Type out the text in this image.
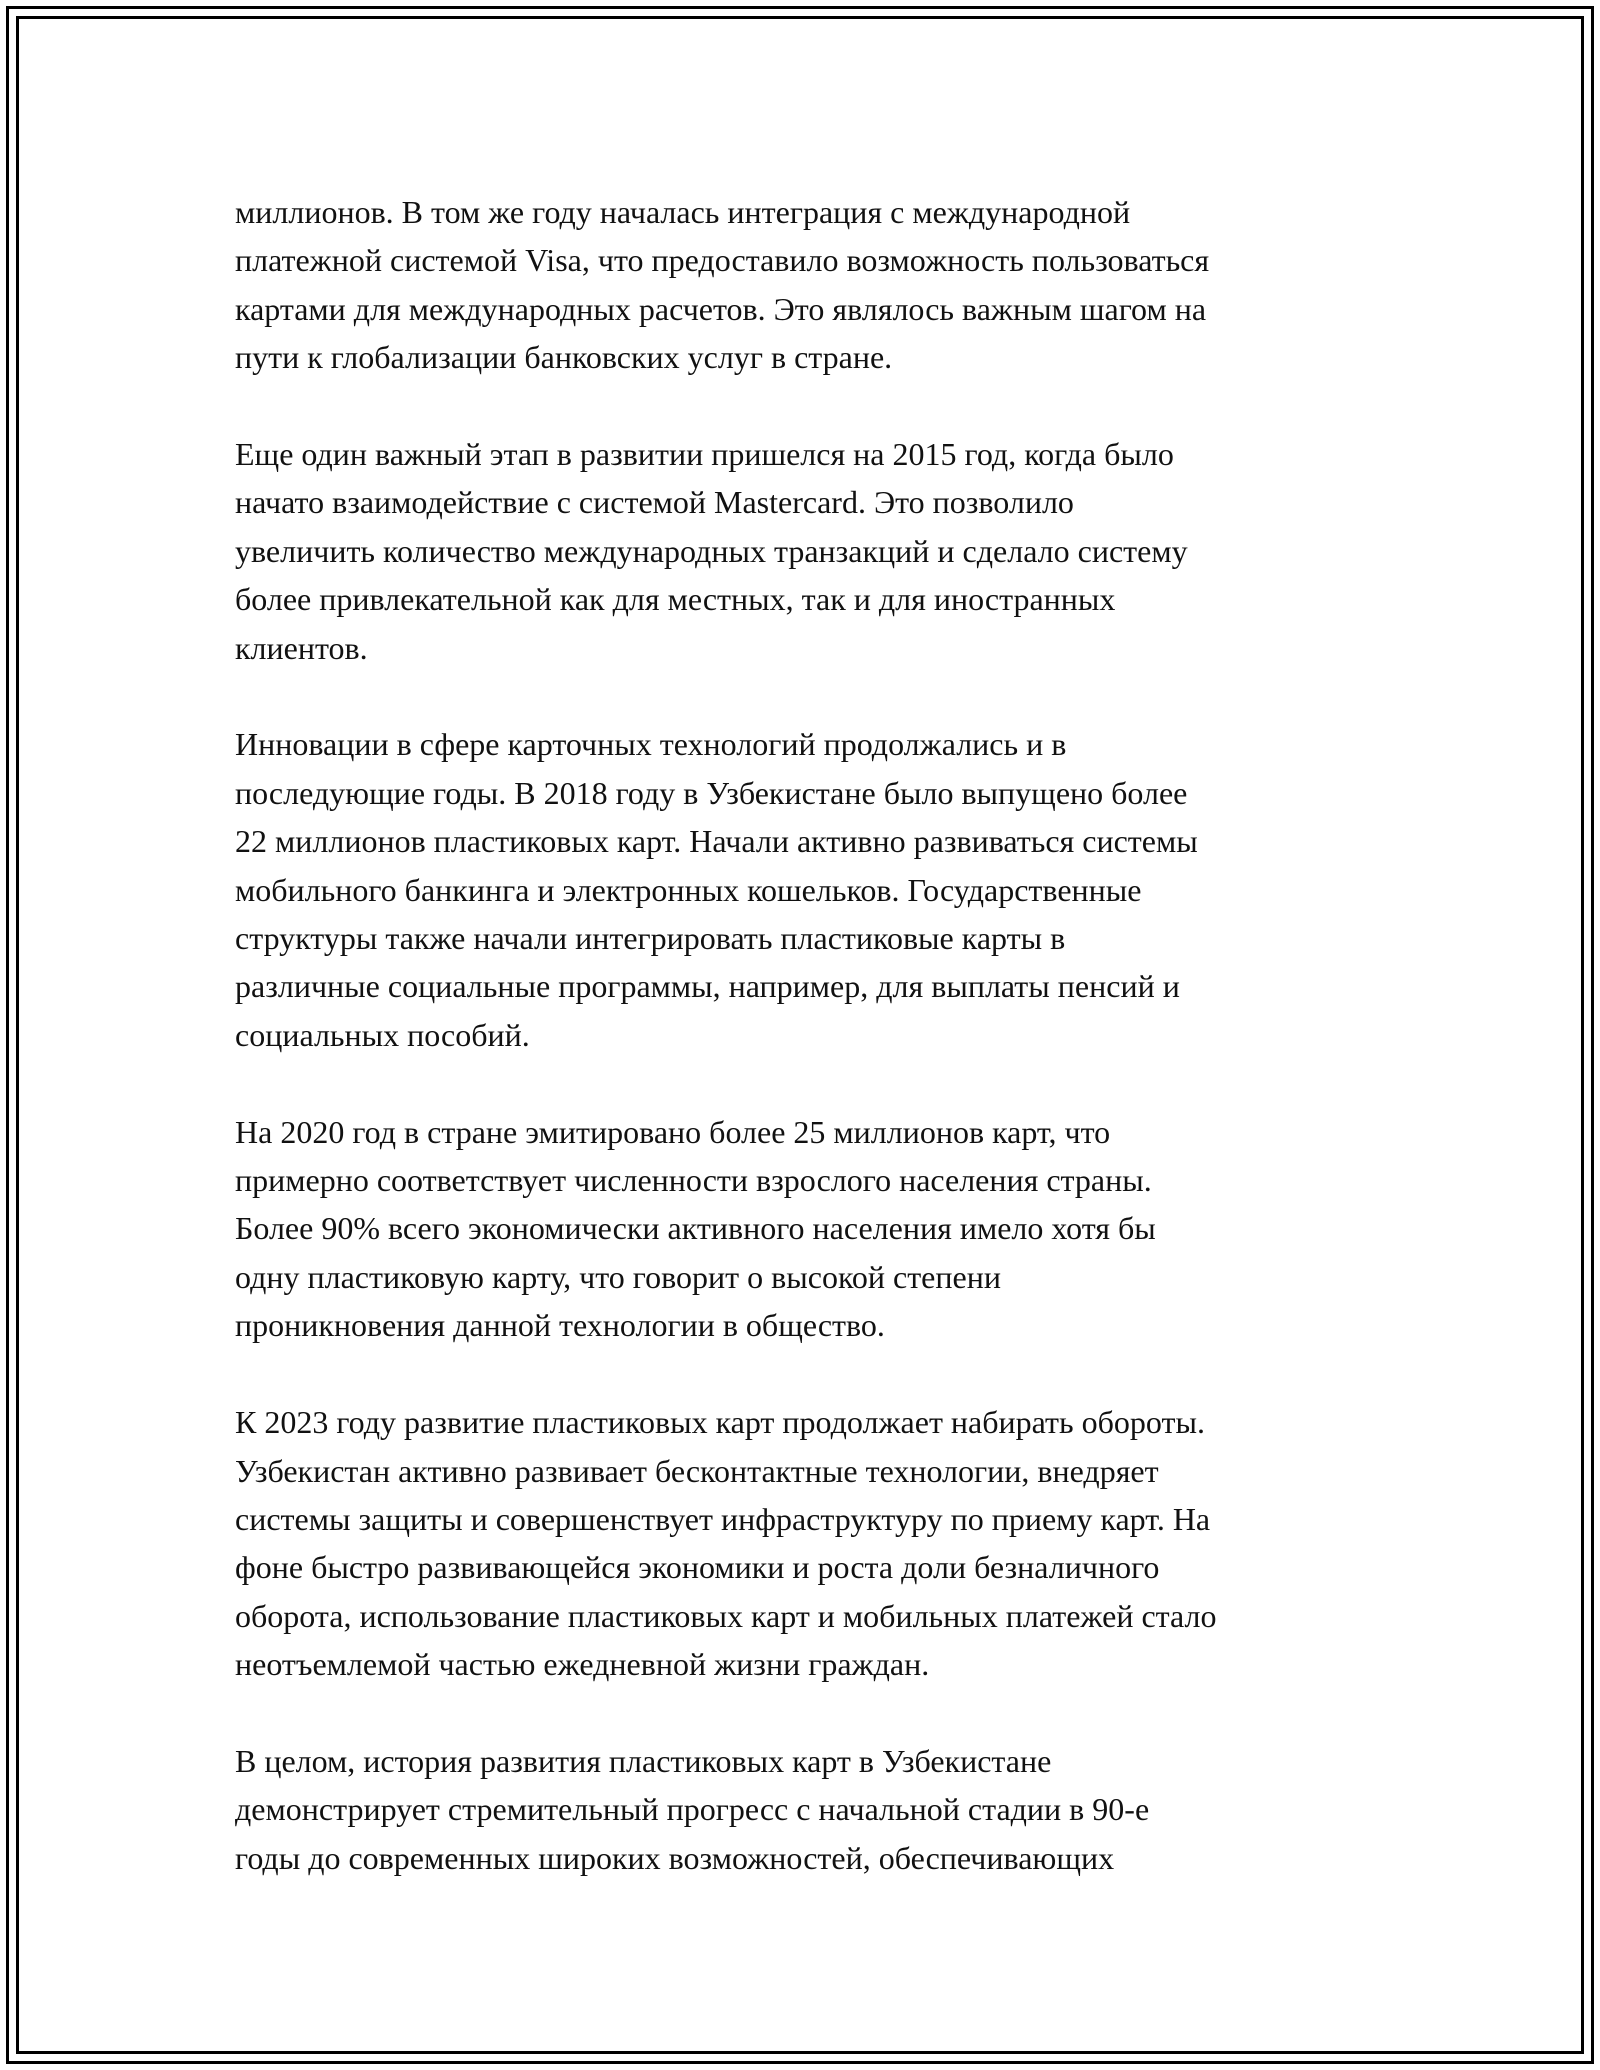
миллионов. В том же году началась интеграция с международной
платежной системой Visa, что предоставило возможность пользоваться
картами для международных расчетов. Это являлось важным шагом на
пути к глобализации банковских услуг в стране.

Еще один важный этап в развитии пришелся на 2015 год, когда было
начато взаимодействие с системой Mastercard. Это позволило
увеличить количество международных транзакций и сделало систему
более привлекательной как для местных, так и для иностранных
клиентов.

Инновации в сфере карточных технологий продолжались и в
последующие годы. В 2018 году в Узбекистане было выпущено более
22 миллионов пластиковых карт. Начали активно развиваться системы
мобильного банкинга и электронных кошельков. Государственные
структуры также начали интегрировать пластиковые карты в
различные социальные программы, например, для выплаты пенсий и
социальных пособий.

На 2020 год в стране эмитировано более 25 миллионов карт, что
примерно соответствует численности взрослого населения страны.
Более 90% всего экономически активного населения имело хотя бы
одну пластиковую карту, что говорит о высокой степени
проникновения данной технологии в общество.

К 2023 году развитие пластиковых карт продолжает набирать обороты.
Узбекистан активно развивает бесконтактные технологии, внедряет
системы защиты и совершенствует инфраструктуру по приему карт. На
фоне быстро развивающейся экономики и роста доли безналичного
оборота, использование пластиковых карт и мобильных платежей стало
неотъемлемой частью ежедневной жизни граждан.

В целом, история развития пластиковых карт в Узбекистане
демонстрирует стремительный прогресс с начальной стадии в 90-е
годы до современных широких возможностей, обеспечивающих
